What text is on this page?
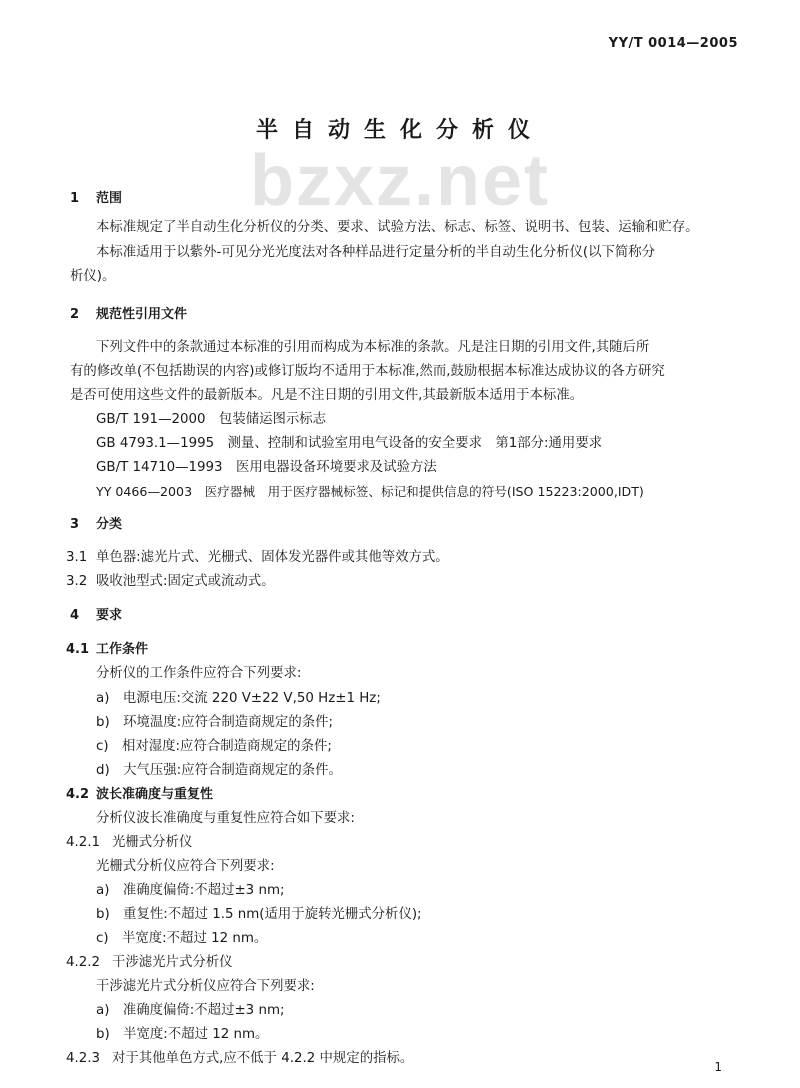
YY/T 0014—2005
半自动生化分析仪
bzxz.net
1 范围
本标准规定了半自动生化分析仪的分类、要求、试验方法、标志、标签、说明书、包装、运输和贮存。
本标准适用于以紫外-可见分光光度法对各种样品进行定量分析的半自动生化分析仪(以下简称分
析仪)。
2 规范性引用文件
下列文件中的条款通过本标准的引用而构成为本标准的条款。凡是注日期的引用文件,其随后所
有的修改单(不包括勘误的内容)或修订版均不适用于本标准,然而,鼓励根据本标准达成协议的各方研究
是否可使用这些文件的最新版本。凡是不注日期的引用文件,其最新版本适用于本标准。
GB/T 191—2000　包装储运图示标志
GB 4793.1—1995　测量、控制和试验室用电气设备的安全要求　第1部分:通用要求
GB/T 14710—1993　医用电器设备环境要求及试验方法
YY 0466—2003　医疗器械　用于医疗器械标签、标记和提供信息的符号(ISO 15223:2000,IDT)
3 分类
3.1 单色器:滤光片式、光栅式、固体发光器件或其他等效方式。
3.2 吸收池型式:固定式或流动式。
4 要求
4.1 工作条件
分析仪的工作条件应符合下列要求:
a)　电源电压:交流 220 V±22 V,50 Hz±1 Hz;
b)　环境温度:应符合制造商规定的条件;
c)　相对湿度:应符合制造商规定的条件;
d)　大气压强:应符合制造商规定的条件。
4.2 波长准确度与重复性
分析仪波长准确度与重复性应符合如下要求:
4.2.1 光栅式分析仪
光栅式分析仪应符合下列要求:
a)　准确度偏倚:不超过±3 nm;
b)　重复性:不超过 1.5 nm(适用于旋转光栅式分析仪);
c)　半宽度:不超过 12 nm。
4.2.2 干涉滤光片式分析仪
干涉滤光片式分析仪应符合下列要求:
a)　准确度偏倚:不超过±3 nm;
b)　半宽度:不超过 12 nm。
4.2.3 对于其他单色方式,应不低于 4.2.2 中规定的指标。
1
